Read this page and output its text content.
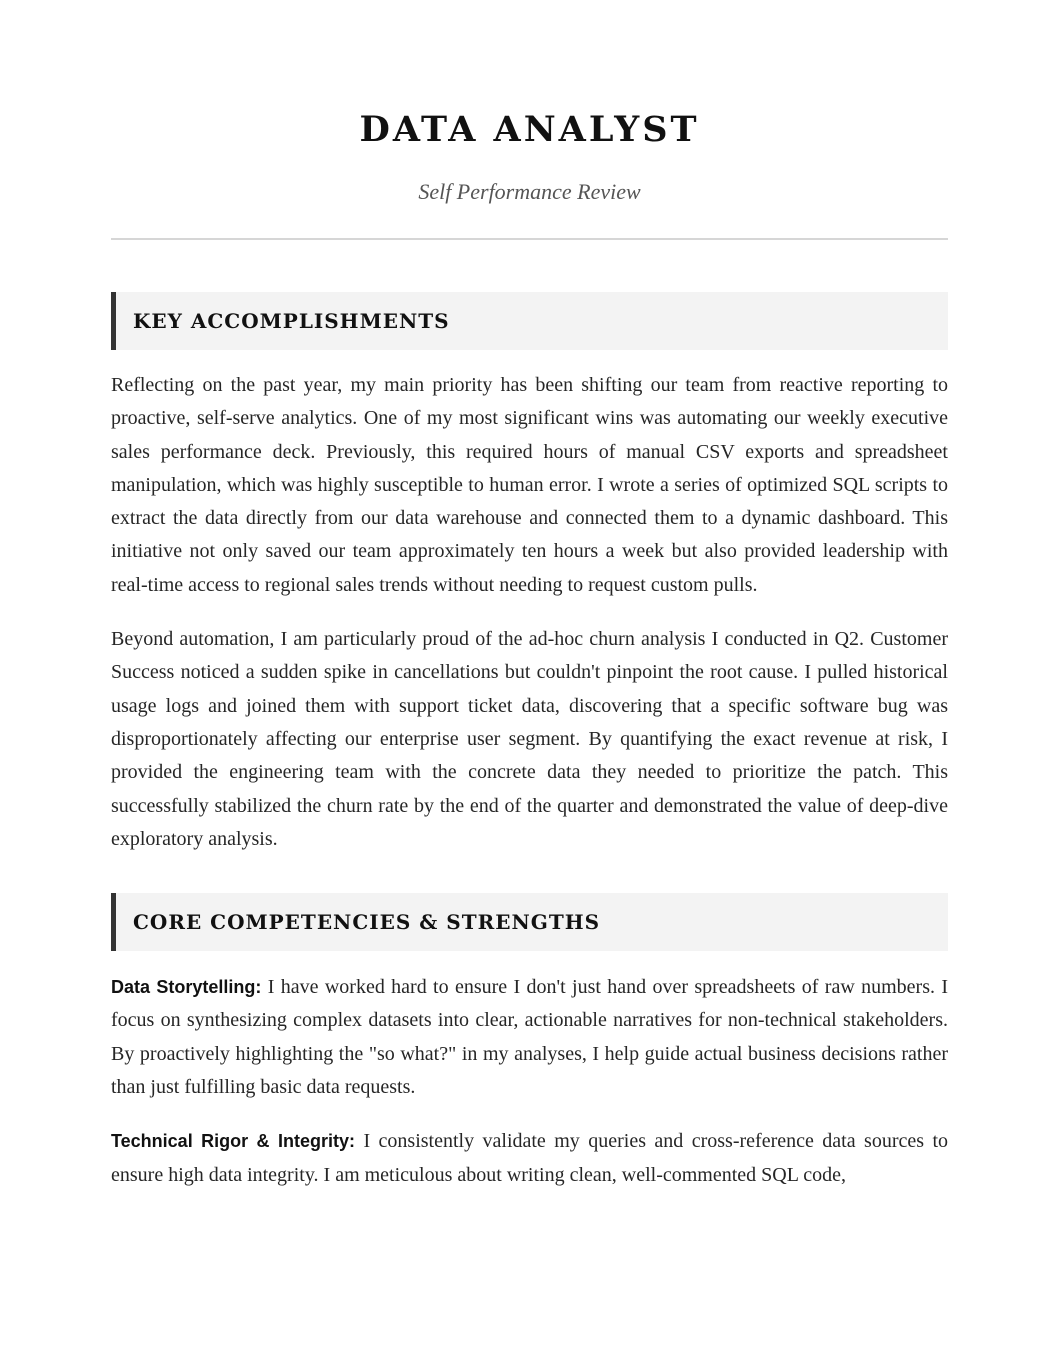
DATA ANALYST
Self Performance Review
KEY ACCOMPLISHMENTS

Reflecting on the past year, my main priority has been shifting our team from reactive reporting to proactive, self-serve analytics. One of my most significant wins was automating our weekly executive sales performance deck. Previously, this required hours of manual CSV exports and spreadsheet manipulation, which was highly susceptible to human error. I wrote a series of optimized SQL scripts to extract the data directly from our data warehouse and connected them to a dynamic dashboard. This initiative not only saved our team approximately ten hours a week but also provided leadership with real-time access to regional sales trends without needing to request custom pulls.

Beyond automation, I am particularly proud of the ad-hoc churn analysis I conducted in Q2. Customer Success noticed a sudden spike in cancellations but couldn't pinpoint the root cause. I pulled historical usage logs and joined them with support ticket data, discovering that a specific software bug was disproportionately affecting our enterprise user segment. By quantifying the exact revenue at risk, I provided the engineering team with the concrete data they needed to prioritize the patch. This successfully stabilized the churn rate by the end of the quarter and demonstrated the value of deep-dive exploratory analysis.

CORE COMPETENCIES & STRENGTHS

Data Storytelling: I have worked hard to ensure I don't just hand over spreadsheets of raw numbers. I focus on synthesizing complex datasets into clear, actionable narratives for non-technical stakeholders. By proactively highlighting the "so what?" in my analyses, I help guide actual business decisions rather than just fulfilling basic data requests.

Technical Rigor & Integrity: I consistently validate my queries and cross-reference data sources to ensure high data integrity. I am meticulous about writing clean, well-commented SQL code,
